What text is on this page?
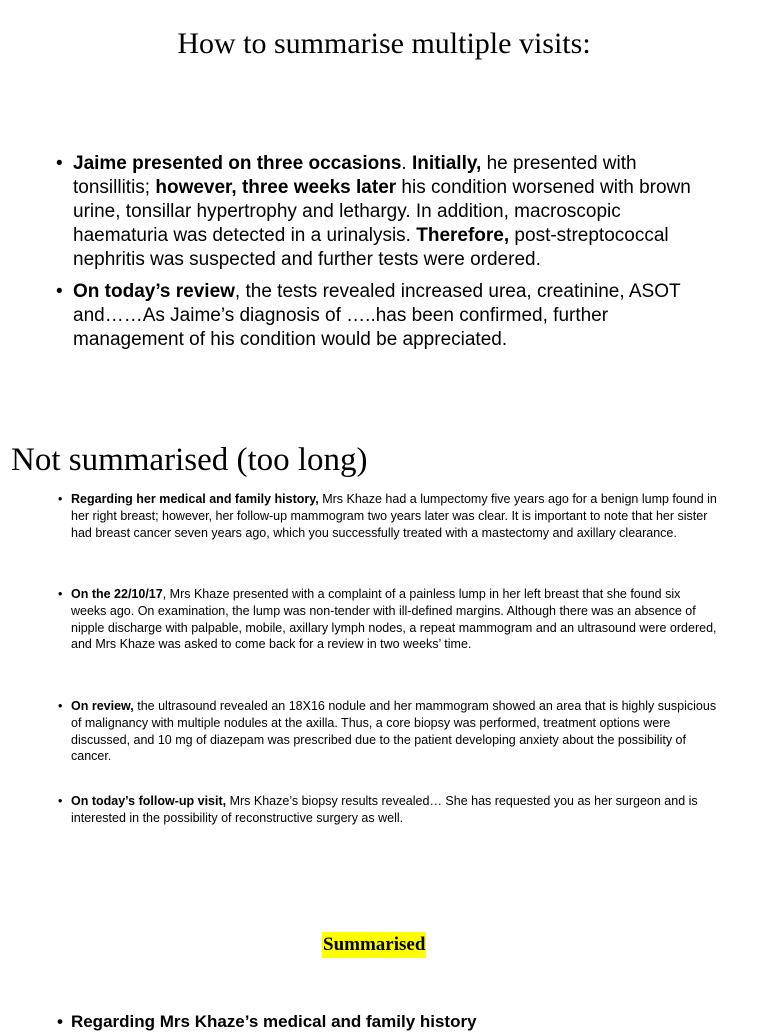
How to summarise multiple visits:
• Jaime presented on three occasions. Initially, he presented with tonsillitis; however, three weeks later his condition worsened with brown urine, tonsillar hypertrophy and lethargy. In addition, macroscopic haematuria was detected in a urinalysis. Therefore, post-streptococcal nephritis was suspected and further tests were ordered.
• On today’s review, the tests revealed increased urea, creatinine, ASOT and……As Jaime’s diagnosis of …..has been confirmed, further management of his condition would be appreciated.
Not summarised (too long)
• Regarding her medical and family history, Mrs Khaze had a lumpectomy five years ago for a benign lump found in her right breast; however, her follow-up mammogram two years later was clear. It is important to note that her sister had breast cancer seven years ago, which you successfully treated with a mastectomy and axillary clearance.
• On the 22/10/17, Mrs Khaze presented with a complaint of a painless lump in her left breast that she found six weeks ago. On examination, the lump was non-tender with ill-defined margins. Although there was an absence of nipple discharge with palpable, mobile, axillary lymph nodes, a repeat mammogram and an ultrasound were ordered, and Mrs Khaze was asked to come back for a review in two weeks’ time.
• On review, the ultrasound revealed an 18X16 nodule and her mammogram showed an area that is highly suspicious of malignancy with multiple nodules at the axilla. Thus, a core biopsy was performed, treatment options were discussed, and 10 mg of diazepam was prescribed due to the patient developing anxiety about the possibility of cancer.
• On today’s follow-up visit, Mrs Khaze’s biopsy results revealed… She has requested you as her surgeon and is interested in the possibility of reconstructive surgery as well.
Summarised
• Regarding Mrs Khaze’s medical and family history
